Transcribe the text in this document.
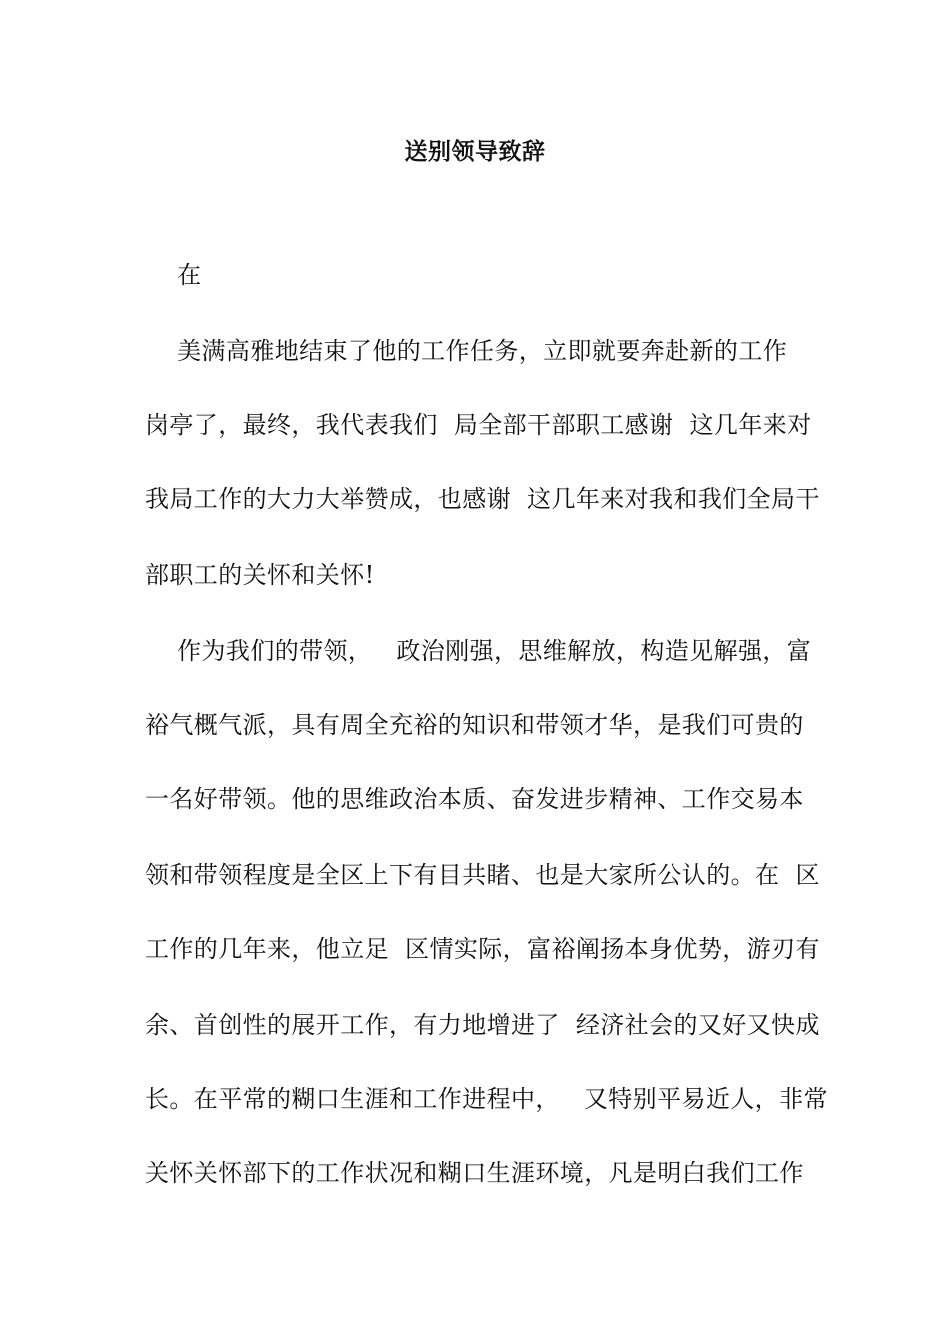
送别领导致辞
在
美满高雅地结束了他的工作任务，立即就要奔赴新的工作
岗亭了，最终，我代表我们  局全部干部职工感谢  这几年来对
我局工作的大力大举赞成，也感谢  这几年来对我和我们全局干
部职工的关怀和关怀!
作为我们的带领，   政治刚强，思维解放，构造见解强，富
裕气概气派，具有周全充裕的知识和带领才华，是我们可贵的
一名好带领。他的思维政治本质、奋发进步精神、工作交易本
领和带领程度是全区上下有目共睹、也是大家所公认的。在  区
工作的几年来，他立足  区情实际，富裕阐扬本身优势，游刃有
余、首创性的展开工作，有力地增进了  经济社会的又好又快成
长。在平常的糊口生涯和工作进程中，   又特别平易近人，非常
关怀关怀部下的工作状况和糊口生涯环境，凡是明白我们工作
